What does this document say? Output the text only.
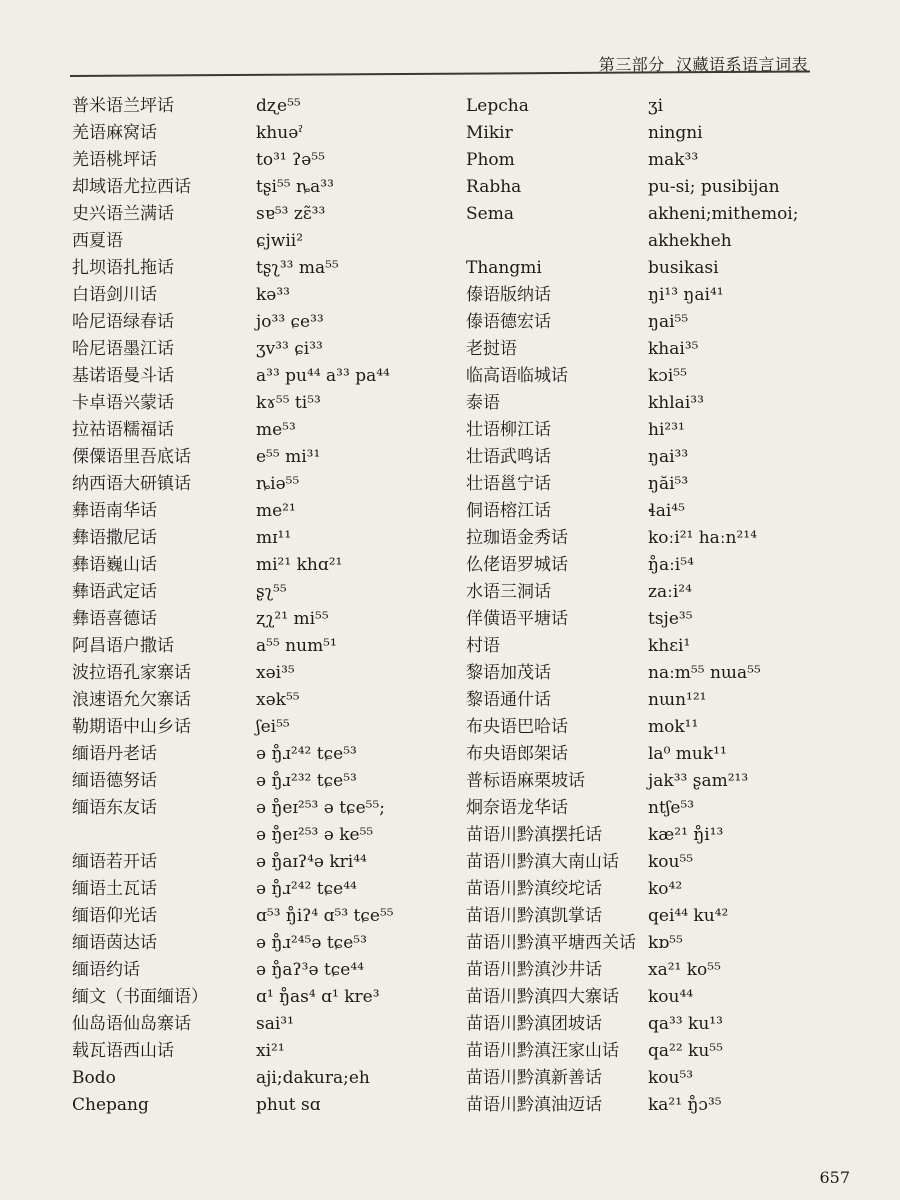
第三部分 汉藏语系语言词表
普米语兰坪话	dʐe⁵⁵
羌语麻窝话	khuəˀ
羌语桃坪话	to³¹ ʔə⁵⁵
却域语尤拉西话	tʂi⁵⁵ ȵa³³
史兴语兰满话	sɐ⁵³ zɛ̃³³
西夏语	ɕjwii²
扎坝语扎拖话	tʂʅ³³ ma⁵⁵
白语剑川话	kə³³
哈尼语绿春话	jo³³ ɕe³³
哈尼语墨江话	ʒv³³ ɕi³³
基诺语曼斗话	a³³ pu⁴⁴ a³³ pa⁴⁴
卡卓语兴蒙话	kɤ⁵⁵ ti⁵³
拉祜语糯福话	me⁵³
傈僳语里吾底话	e⁵⁵ mi³¹
纳西语大研镇话	ȵiə⁵⁵
彝语南华话	me²¹
彝语撒尼话	mɪ¹¹
彝语巍山话	mi²¹ khɑ²¹
彝语武定话	ʂʅ⁵⁵
彝语喜德话	ʐʅ²¹ mi⁵⁵
阿昌语户撒话	a⁵⁵ num⁵¹
波拉语孔家寨话	xəi³⁵
浪速语允欠寨话	xək⁵⁵
勒期语中山乡话	ʃei⁵⁵
缅语丹老话	ə ŋ̊ɹ²⁴² tɕe⁵³
缅语德努话	ə ŋ̊ɹ²³² tɕe⁵³
缅语东友话	ə ŋ̊eɪ²⁵³ ə tɕe⁵⁵;
ə ŋ̊eɪ²⁵³ ə ke⁵⁵
缅语若开话	ə ŋ̊aɪʔ⁴ə kri⁴⁴
缅语土瓦话	ə ŋ̊ɹ²⁴² tɕe⁴⁴
缅语仰光话	ɑ⁵³ ŋ̊iʔ⁴ ɑ⁵³ tɕe⁵⁵
缅语茵达话	ə ŋ̊ɹ²⁴⁵ə tɕe⁵³
缅语约话	ə ŋ̊aʔ³ə tɕe⁴⁴
缅文（书面缅语）	ɑ¹ ŋ̊as⁴ ɑ¹ kre³
仙岛语仙岛寨话	sai³¹
载瓦语西山话	xi²¹
Bodo	aji;dakura;eh
Chepang	phut sɑ
Lepcha	ʒi
Mikir	ningni
Phom	mak³³
Rabha	pu-si; pusibijan
Sema	akheni;mithemoi;
akhekheh
Thangmi	busikasi
傣语版纳话	ŋi¹³ ŋai⁴¹
傣语德宏话	ŋai⁵⁵
老挝语	khai³⁵
临高语临城话	kɔi⁵⁵
泰语	khlai³³
壮语柳江话	hi²³¹
壮语武鸣话	ŋai³³
壮语邕宁话	ŋăi⁵³
侗语榕江话	ɬai⁴⁵
拉珈语金秀话	koːi²¹ haːn²¹⁴
仫佬语罗城话	ŋ̊aːi⁵⁴
水语三洞话	zaːi²⁴
佯僙语平塘话	tsje³⁵
村语	khɛi¹
黎语加茂话	naːm⁵⁵ nɯa⁵⁵
黎语通什话	nɯn¹²¹
布央语巴哈话	mok¹¹
布央语郎架话	la⁰ muk¹¹
普标语麻栗坡话	jak³³ ʂam²¹³
炯奈语龙华话	ntʃe⁵³
苗语川黔滇摆托话	kæ²¹ ŋ̊i¹³
苗语川黔滇大南山话 kou⁵⁵
苗语川黔滇绞坨话	ko⁴²
苗语川黔滇凯掌话	qei⁴⁴ ku⁴²
苗语川黔滇平塘西关话 kɒ⁵⁵
苗语川黔滇沙井话	xa²¹ ko⁵⁵
苗语川黔滇四大寨话 kou⁴⁴
苗语川黔滇团坡话	qa³³ ku¹³
苗语川黔滇汪家山话 qa²² ku⁵⁵
苗语川黔滇新善话	kou⁵³
苗语川黔滇油迈话	ka²¹ ŋ̊ɔ³⁵
657
